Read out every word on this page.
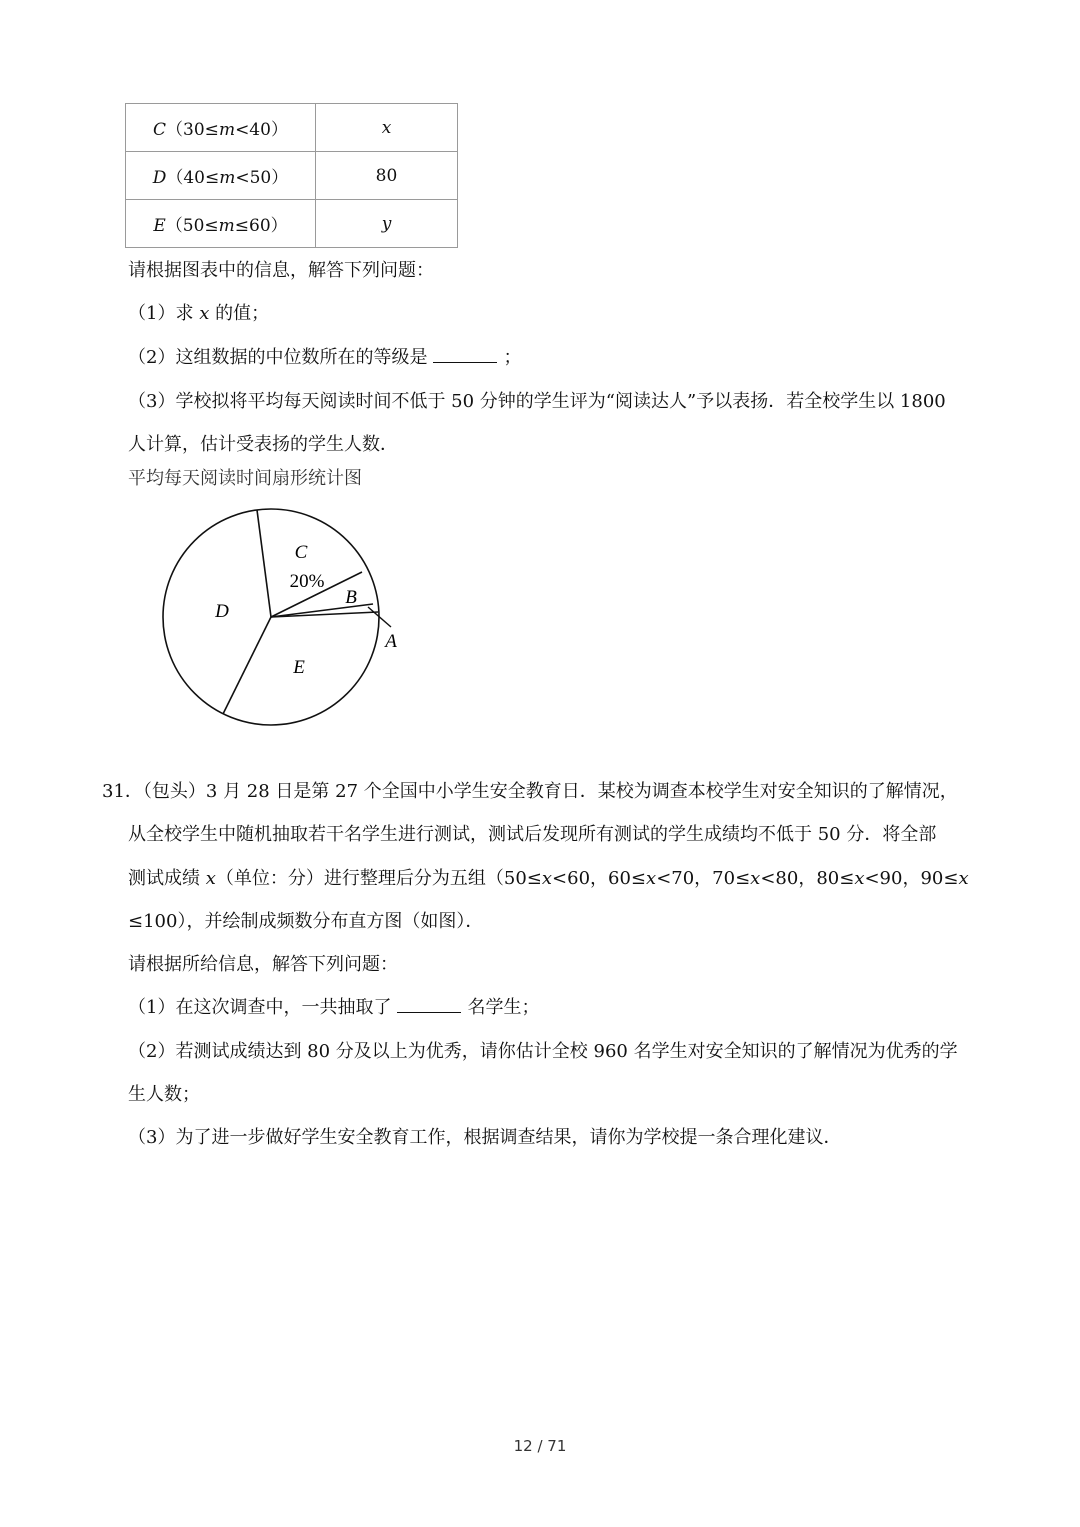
C（30≤m<40）	x
D（40≤m<50）	80
E（50≤m≤60）	y
请根据图表中的信息，解答下列问题：
（1）求 x 的值；
（2）这组数据的中位数所在的等级是	；
（3）学校拟将平均每天阅读时间不低于 50 分钟的学生评为“阅读达人”予以表扬．若全校学生以 1800
人计算，估计受表扬的学生人数．
平均每天阅读时间扇形统计图
C
20%
B
A
D
E
31．（包头）3 月 28 日是第 27 个全国中小学生安全教育日．某校为调查本校学生对安全知识的了解情况，
从全校学生中随机抽取若干名学生进行测试，测试后发现所有测试的学生成绩均不低于 50 分．将全部
测试成绩 x（单位：分）进行整理后分为五组（50≤x<60，60≤x<70，70≤x<80，80≤x<90，90≤x
≤100），并绘制成频数分布直方图（如图）．
请根据所给信息，解答下列问题：
（1）在这次调查中，一共抽取了	名学生；
（2）若测试成绩达到 80 分及以上为优秀，请你估计全校 960 名学生对安全知识的了解情况为优秀的学
生人数；
（3）为了进一步做好学生安全教育工作，根据调查结果，请你为学校提一条合理化建议．
12 / 71
